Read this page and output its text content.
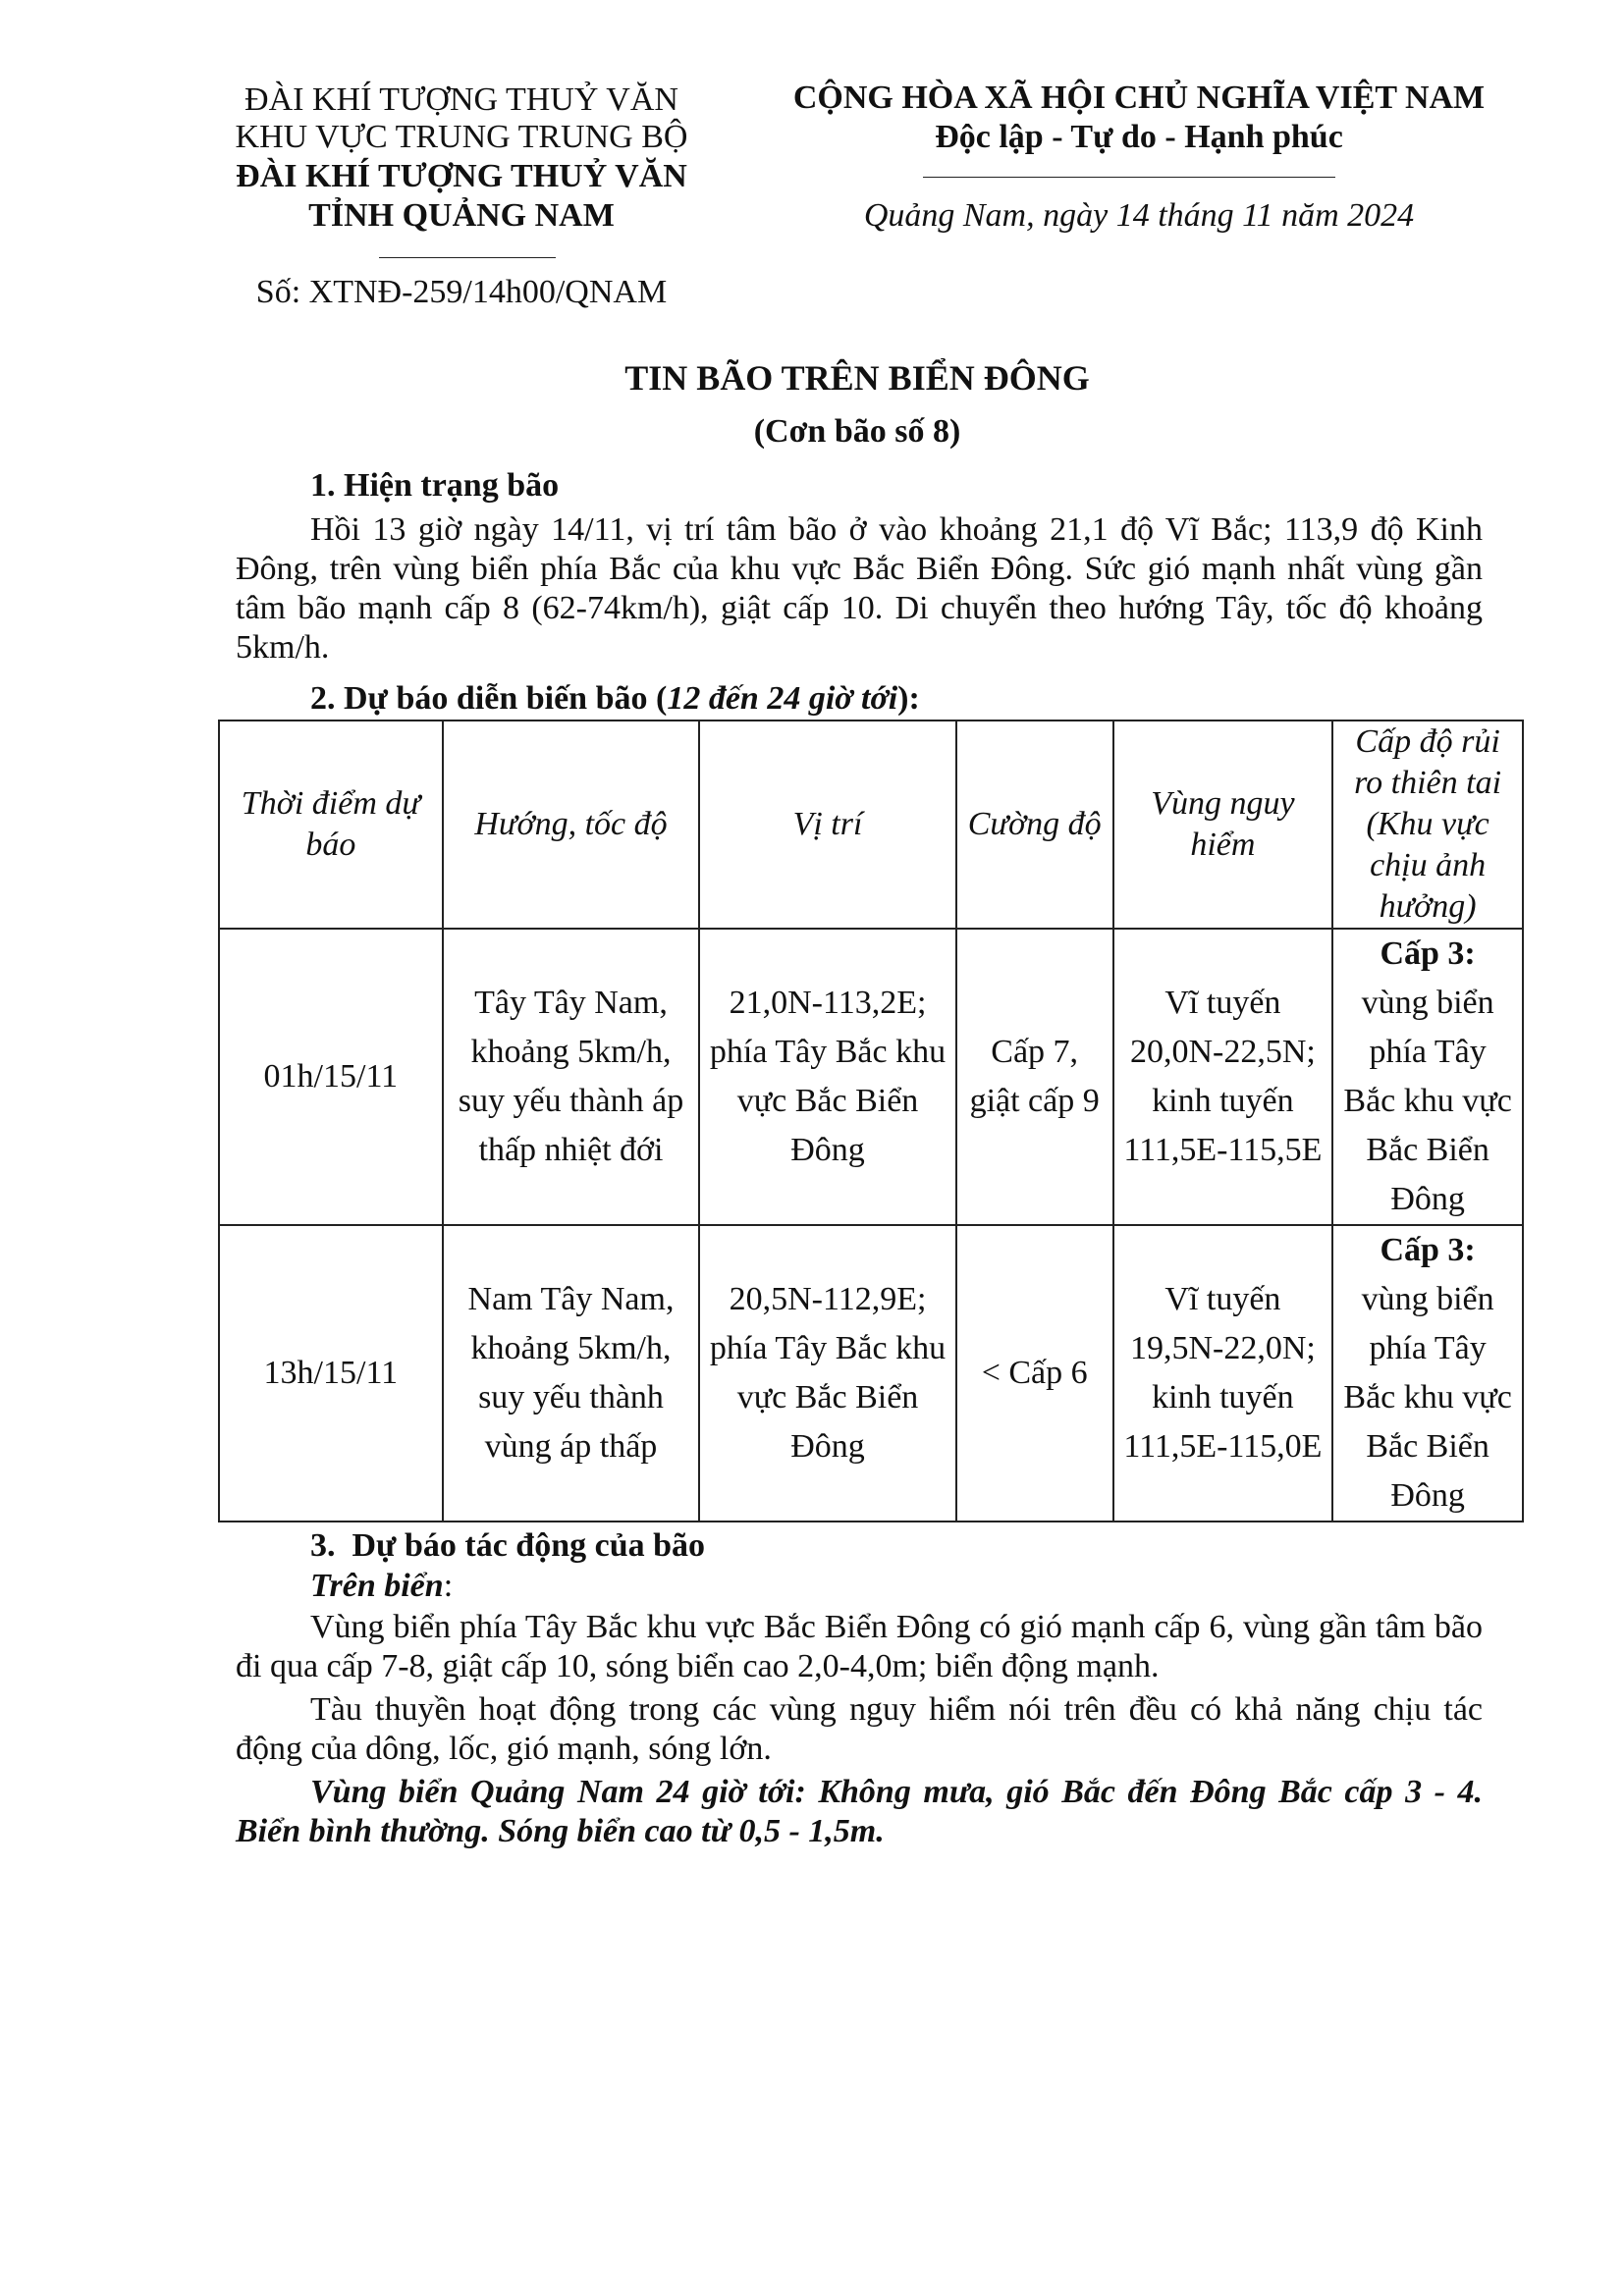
ĐÀI KHÍ TƯỢNG THUỶ VĂN
KHU VỰC TRUNG TRUNG BỘ
ĐÀI KHÍ TƯỢNG THUỶ VĂN
TỈNH QUẢNG NAM
Số: XTNĐ-259/14h00/QNAM
CỘNG HÒA XÃ HỘI CHỦ NGHĨA VIỆT NAM
Độc lập - Tự do - Hạnh phúc
Quảng Nam, ngày 14 tháng 11 năm 2024
TIN BÃO TRÊN BIỂN ĐÔNG
(Cơn bão số 8)
1. Hiện trạng bão
Hồi 13 giờ ngày 14/11, vị trí tâm bão ở vào khoảng 21,1 độ Vĩ Bắc; 113,9 độ Kinh Đông, trên vùng biển phía Bắc của khu vực Bắc Biển Đông. Sức gió mạnh nhất vùng gần tâm bão mạnh cấp 8 (62-74km/h), giật cấp 10. Di chuyển theo hướng Tây, tốc độ khoảng 5km/h.
2. Dự báo diễn biến bão (12 đến 24 giờ tới):
Thời điểm dự báo	Hướng, tốc độ	Vị trí	Cường độ	Vùng nguy hiểm	Cấp độ rủi ro thiên tai (Khu vực chịu ảnh hưởng)
01h/15/11	Tây Tây Nam, khoảng 5km/h, suy yếu thành áp thấp nhiệt đới	21,0N-113,2E; phía Tây Bắc khu vực Bắc Biển Đông	Cấp 7, giật cấp 9	Vĩ tuyến 20,0N-22,5N; kinh tuyến 111,5E-115,5E	Cấp 3:
vùng biển phía Tây Bắc khu vực Bắc Biển Đông
13h/15/11	Nam Tây Nam, khoảng 5km/h, suy yếu thành vùng áp thấp	20,5N-112,9E; phía Tây Bắc khu vực Bắc Biển Đông	< Cấp 6	Vĩ tuyến 19,5N-22,0N; kinh tuyến 111,5E-115,0E	Cấp 3:
vùng biển phía Tây Bắc khu vực Bắc Biển Đông
3.  Dự báo tác động của bão
Trên biển:
Vùng biển phía Tây Bắc khu vực Bắc Biển Đông có gió mạnh cấp 6, vùng gần tâm bão đi qua cấp 7-8, giật cấp 10, sóng biển cao 2,0-4,0m; biển động mạnh.
Tàu thuyền hoạt động trong các vùng nguy hiểm nói trên đều có khả năng chịu tác động của dông, lốc, gió mạnh, sóng lớn.
Vùng biển Quảng Nam 24 giờ tới: Không mưa, gió Bắc đến Đông Bắc cấp 3 - 4. Biển bình thường. Sóng biển cao từ 0,5 - 1,5m.
